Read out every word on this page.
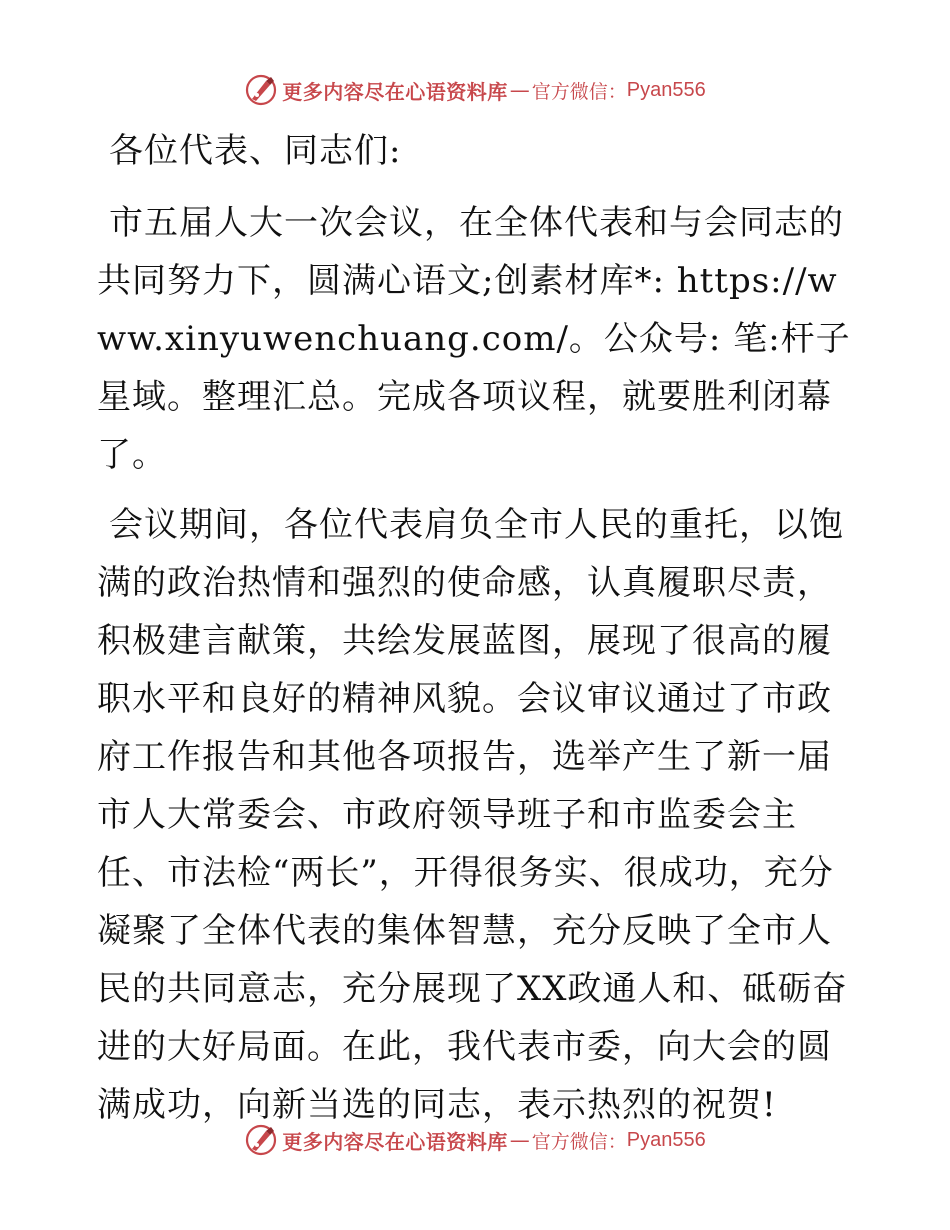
更多内容尽在心语资料库 — 官方微信： Pyan556

各位代表、同志们:

市五届人大一次会议，在全体代表和与会同志的共同努力下，圆满心语文;创素材库*: https://www.xinyuwenchuang.com/。公众号: 笔:杆子星域。整理汇总。完成各项议程，就要胜利闭幕了。

会议期间，各位代表肩负全市人民的重托，以饱满的政治热情和强烈的使命感，认真履职尽责，积极建言献策，共绘发展蓝图，展现了很高的履职水平和良好的精神风貌。会议审议通过了市政府工作报告和其他各项报告，选举产生了新一届市人大常委会、市政府领导班子和市监委会主任、市法检“两长”，开得很务实、很成功，充分凝聚了全体代表的集体智慧，充分反映了全市人民的共同意志，充分展现了XX政通人和、砥砺奋进的大好局面。在此，我代表市委，向大会的圆满成功，向新当选的同志，表示热烈的祝贺!

更多内容尽在心语资料库 — 官方微信： Pyan556
